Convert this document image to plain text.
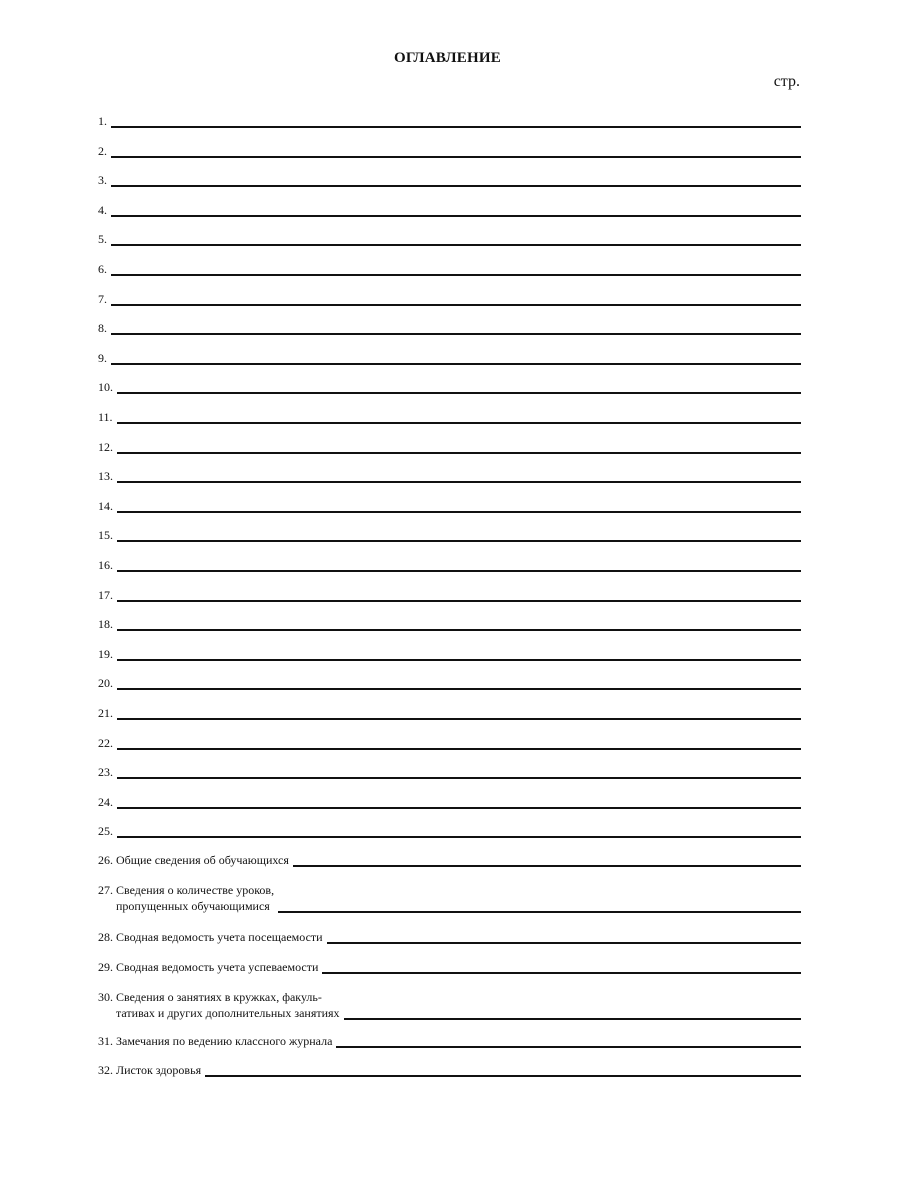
ОГЛАВЛЕНИЕ
стр.
1.
2.
3.
4.
5.
6.
7.
8.
9.
10.
11.
12.
13.
14.
15.
16.
17.
18.
19.
20.
21.
22.
23.
24.
25.
26. Общие сведения об обучающихся
27. Сведения о количестве уроков,
пропущенных обучающимися
28. Сводная ведомость учета посещаемости
29. Сводная ведомость учета успеваемости
30. Сведения о занятиях в кружках, факуль-
тативах и других дополнительных занятиях
31. Замечания по ведению классного журнала
32. Листок здоровья
